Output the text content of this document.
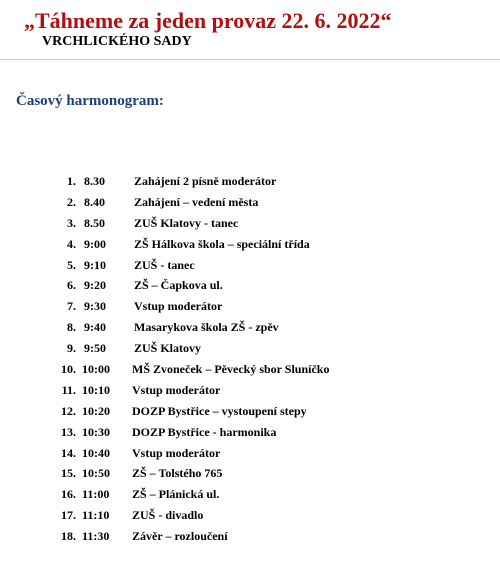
„Táhneme za jeden provaz 22. 6. 2022“
VRCHLICKÉHO SADY
Časový harmonogram:
1. 8.30 Zahájení 2 písně moderátor
2. 8.40 Zahájení – vedení města
3. 8.50 ZUŠ Klatovy - tanec
4. 9:00 ZŠ Hálkova škola – speciální třída
5. 9:10 ZUŠ - tanec
6. 9:20 ZŠ – Čapkova ul.
7. 9:30 Vstup moderátor
8. 9:40 Masarykova škola ZŠ - zpěv
9. 9:50 ZUŠ Klatovy
10. 10:00 MŠ Zvoneček – Pěvecký sbor Sluníčko
11. 10:10 Vstup moderátor
12. 10:20 DOZP Bystřice – vystoupení stepy
13. 10:30 DOZP Bystřice - harmonika
14. 10:40 Vstup moderátor
15. 10:50 ZŠ – Tolstého 765
16. 11:00 ZŠ – Plánická ul.
17. 11:10 ZUŠ - divadlo
18. 11:30 Závěr – rozloučení
